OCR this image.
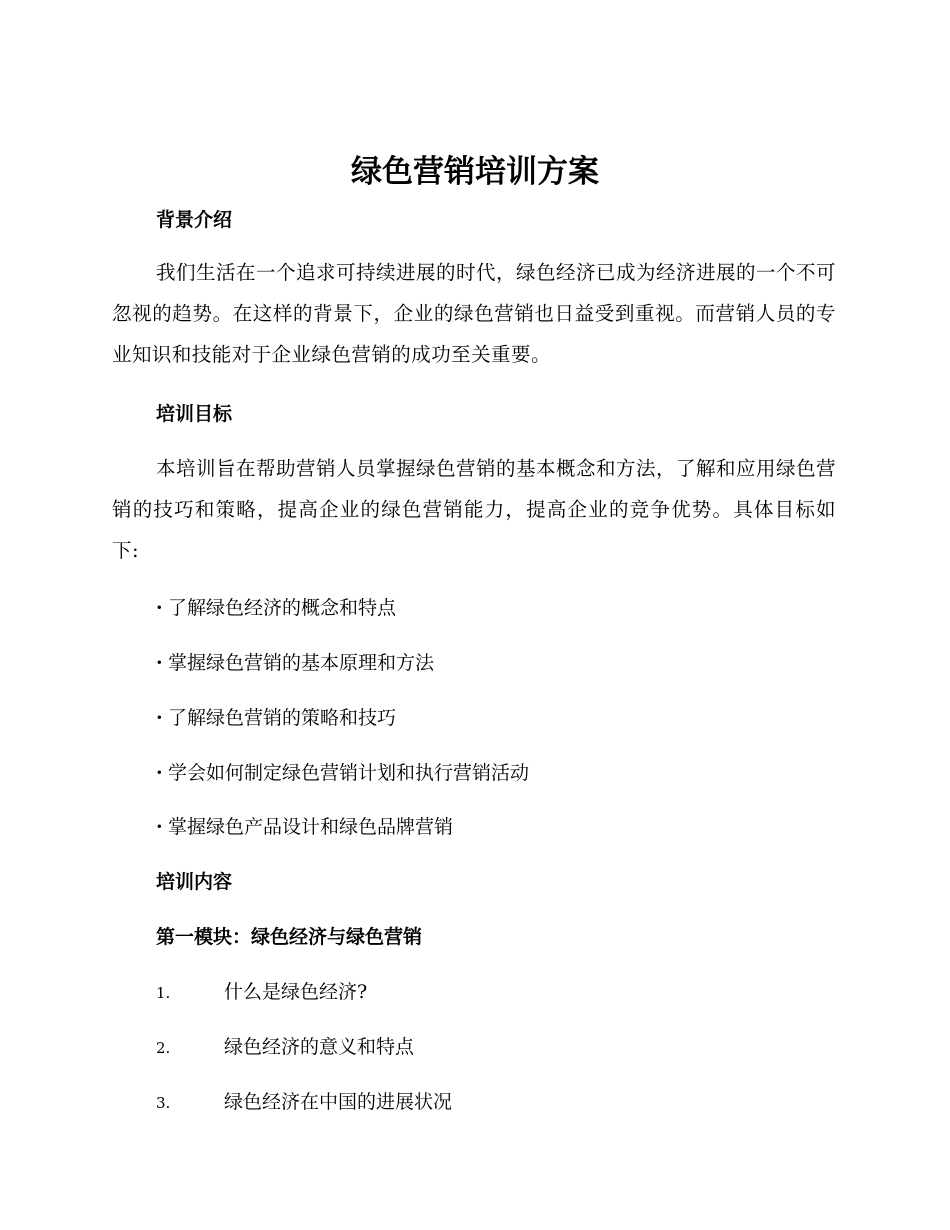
绿色营销培训方案
背景介绍
我们生活在一个追求可持续进展的时代，绿色经济已成为经济进展的一个不可忽视的趋势。在这样的背景下，企业的绿色营销也日益受到重视。而营销人员的专业知识和技能对于企业绿色营销的成功至关重要。
培训目标
本培训旨在帮助营销人员掌握绿色营销的基本概念和方法，了解和应用绿色营销的技巧和策略，提高企业的绿色营销能力，提高企业的竞争优势。具体目标如下:
· 了解绿色经济的概念和特点
· 掌握绿色营销的基本原理和方法
· 了解绿色营销的策略和技巧
· 学会如何制定绿色营销计划和执行营销活动
· 掌握绿色产品设计和绿色品牌营销
培训内容
第一模块：绿色经济与绿色营销
1.	什么是绿色经济?
2.	绿色经济的意义和特点
3.	绿色经济在中国的进展状况
